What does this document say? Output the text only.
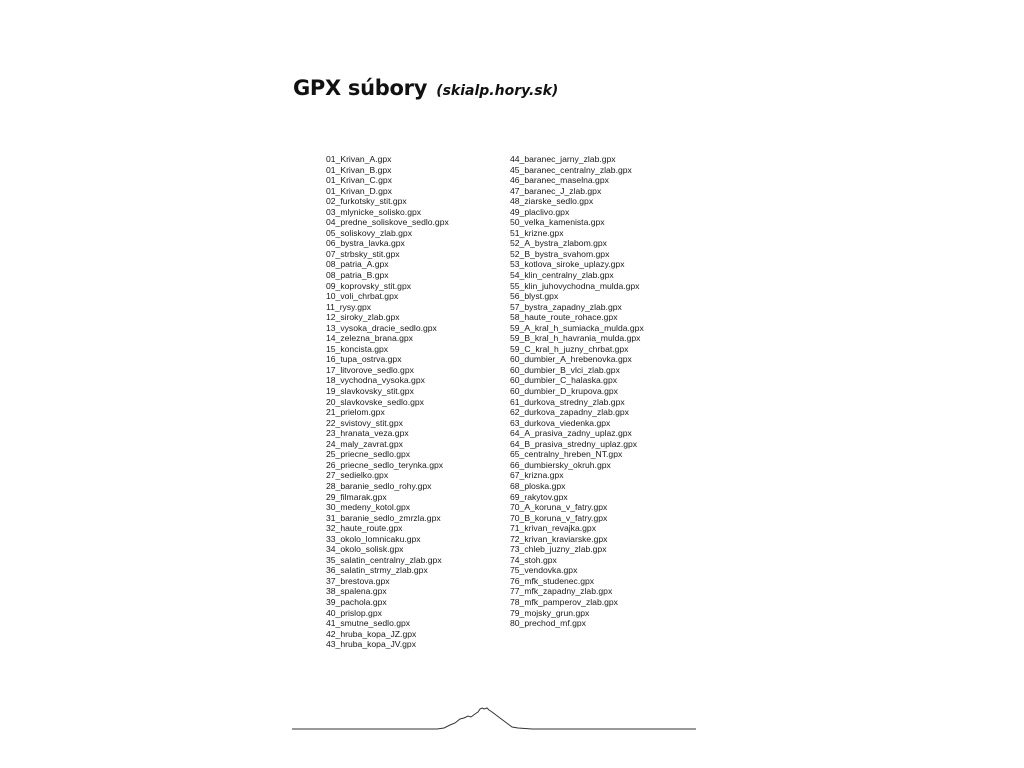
GPX súbory (skialp.hory.sk)
01_Krivan_A.gpx
01_Krivan_B.gpx
01_Krivan_C.gpx
01_Krivan_D.gpx
02_furkotsky_stit.gpx
03_mlynicke_solisko.gpx
04_predne_soliskove_sedlo.gpx
05_soliskovy_zlab.gpx
06_bystra_lavka.gpx
07_strbsky_stit.gpx
08_patria_A.gpx
08_patria_B.gpx
09_koprovsky_stit.gpx
10_voli_chrbat.gpx
11_rysy.gpx
12_siroky_zlab.gpx
13_vysoka_dracie_sedlo.gpx
14_zelezna_brana.gpx
15_koncista.gpx
16_tupa_ostrva.gpx
17_litvorove_sedlo.gpx
18_vychodna_vysoka.gpx
19_slavkovsky_stit.gpx
20_slavkovske_sedlo.gpx
21_prielom.gpx
22_svistovy_stit.gpx
23_hranata_veza.gpx
24_maly_zavrat.gpx
25_priecne_sedlo.gpx
26_priecne_sedlo_terynka.gpx
27_sedielko.gpx
28_baranie_sedlo_rohy.gpx
29_filmarak.gpx
30_medeny_kotol.gpx
31_baranie_sedlo_zmrzla.gpx
32_haute_route.gpx
33_okolo_lomnicaku.gpx
34_okolo_solisk.gpx
35_salatin_centralny_zlab.gpx
36_salatin_strmy_zlab.gpx
37_brestova.gpx
38_spalena.gpx
39_pachola.gpx
40_prislop.gpx
41_smutne_sedlo.gpx
42_hruba_kopa_JZ.gpx
43_hruba_kopa_JV.gpx
44_baranec_jarny_zlab.gpx
45_baranec_centralny_zlab.gpx
46_baranec_maselna.gpx
47_baranec_J_zlab.gpx
48_ziarske_sedlo.gpx
49_placlivo.gpx
50_velka_kamenista.gpx
51_krizne.gpx
52_A_bystra_zlabom.gpx
52_B_bystra_svahom.gpx
53_kotlova_siroke_uplazy.gpx
54_klin_centralny_zlab.gpx
55_klin_juhovychodna_mulda.gpx
56_blyst.gpx
57_bystra_zapadny_zlab.gpx
58_haute_route_rohace.gpx
59_A_kral_h_sumiacka_mulda.gpx
59_B_kral_h_havrania_mulda.gpx
59_C_kral_h_juzny_chrbat.gpx
60_dumbier_A_hrebenovka.gpx
60_dumbier_B_vlci_zlab.gpx
60_dumbier_C_halaska.gpx
60_dumbier_D_krupova.gpx
61_durkova_stredny_zlab.gpx
62_durkova_zapadny_zlab.gpx
63_durkova_viedenka.gpx
64_A_prasiva_zadny_uplaz.gpx
64_B_prasiva_stredny_uplaz.gpx
65_centralny_hreben_NT.gpx
66_dumbiersky_okruh.gpx
67_krizna.gpx
68_ploska.gpx
69_rakytov.gpx
70_A_koruna_v_fatry.gpx
70_B_koruna_v_fatry.gpx
71_krivan_revajka.gpx
72_krivan_kraviarske.gpx
73_chleb_juzny_zlab.gpx
74_stoh.gpx
75_vendovka.gpx
76_mfk_studenec.gpx
77_mfk_zapadny_zlab.gpx
78_mfk_pamperov_zlab.gpx
79_mojsky_grun.gpx
80_prechod_mf.gpx
